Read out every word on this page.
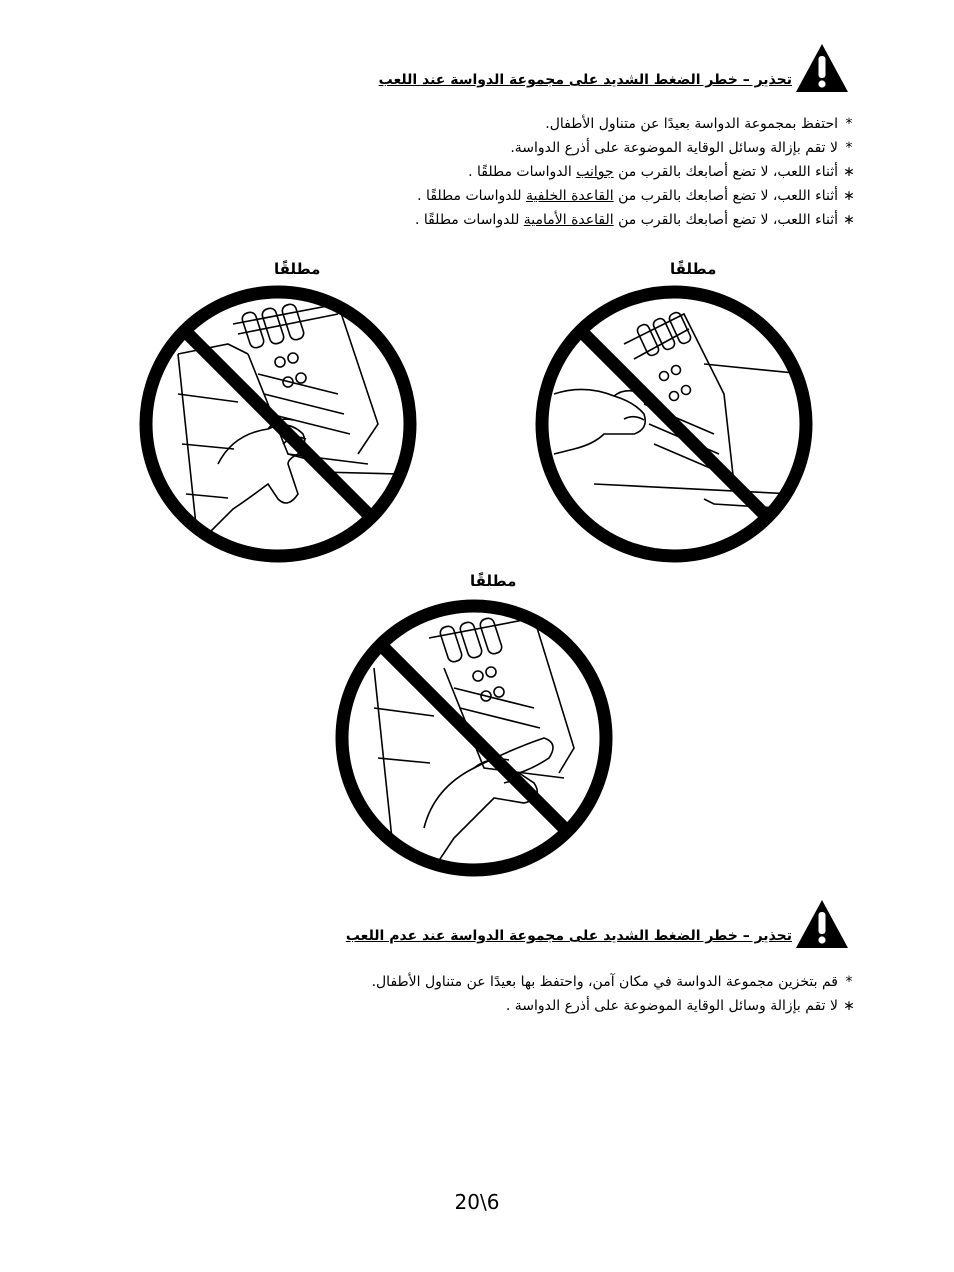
تحذير – خطر الضغط الشديد على مجموعة الدواسة عند اللعب
*احتفظ بمجموعة الدواسة بعيدًا عن متناول الأطفال.
*لا تقم بإزالة وسائل الوقاية الموضوعة على أذرع الدواسة.
∗أثناء اللعب، لا تضع أصابعك بالقرب من جوانب الدواسات مطلقًا .
∗أثناء اللعب، لا تضع أصابعك بالقرب من القاعدة الخلفية للدواسات مطلقًا .
∗أثناء اللعب، لا تضع أصابعك بالقرب من القاعدة الأمامية للدواسات مطلقًا .
مطلقًا	مطلقًا
مطلقًا
تحذير – خطر الضغط الشديد على مجموعة الدواسة عند عدم اللعب
*قم بتخزين مجموعة الدواسة في مكان آمن، واحتفظ بها بعيدًا عن متناول الأطفال.
∗لا تقم بإزالة وسائل الوقاية الموضوعة على أذرع الدواسة .
20\6
